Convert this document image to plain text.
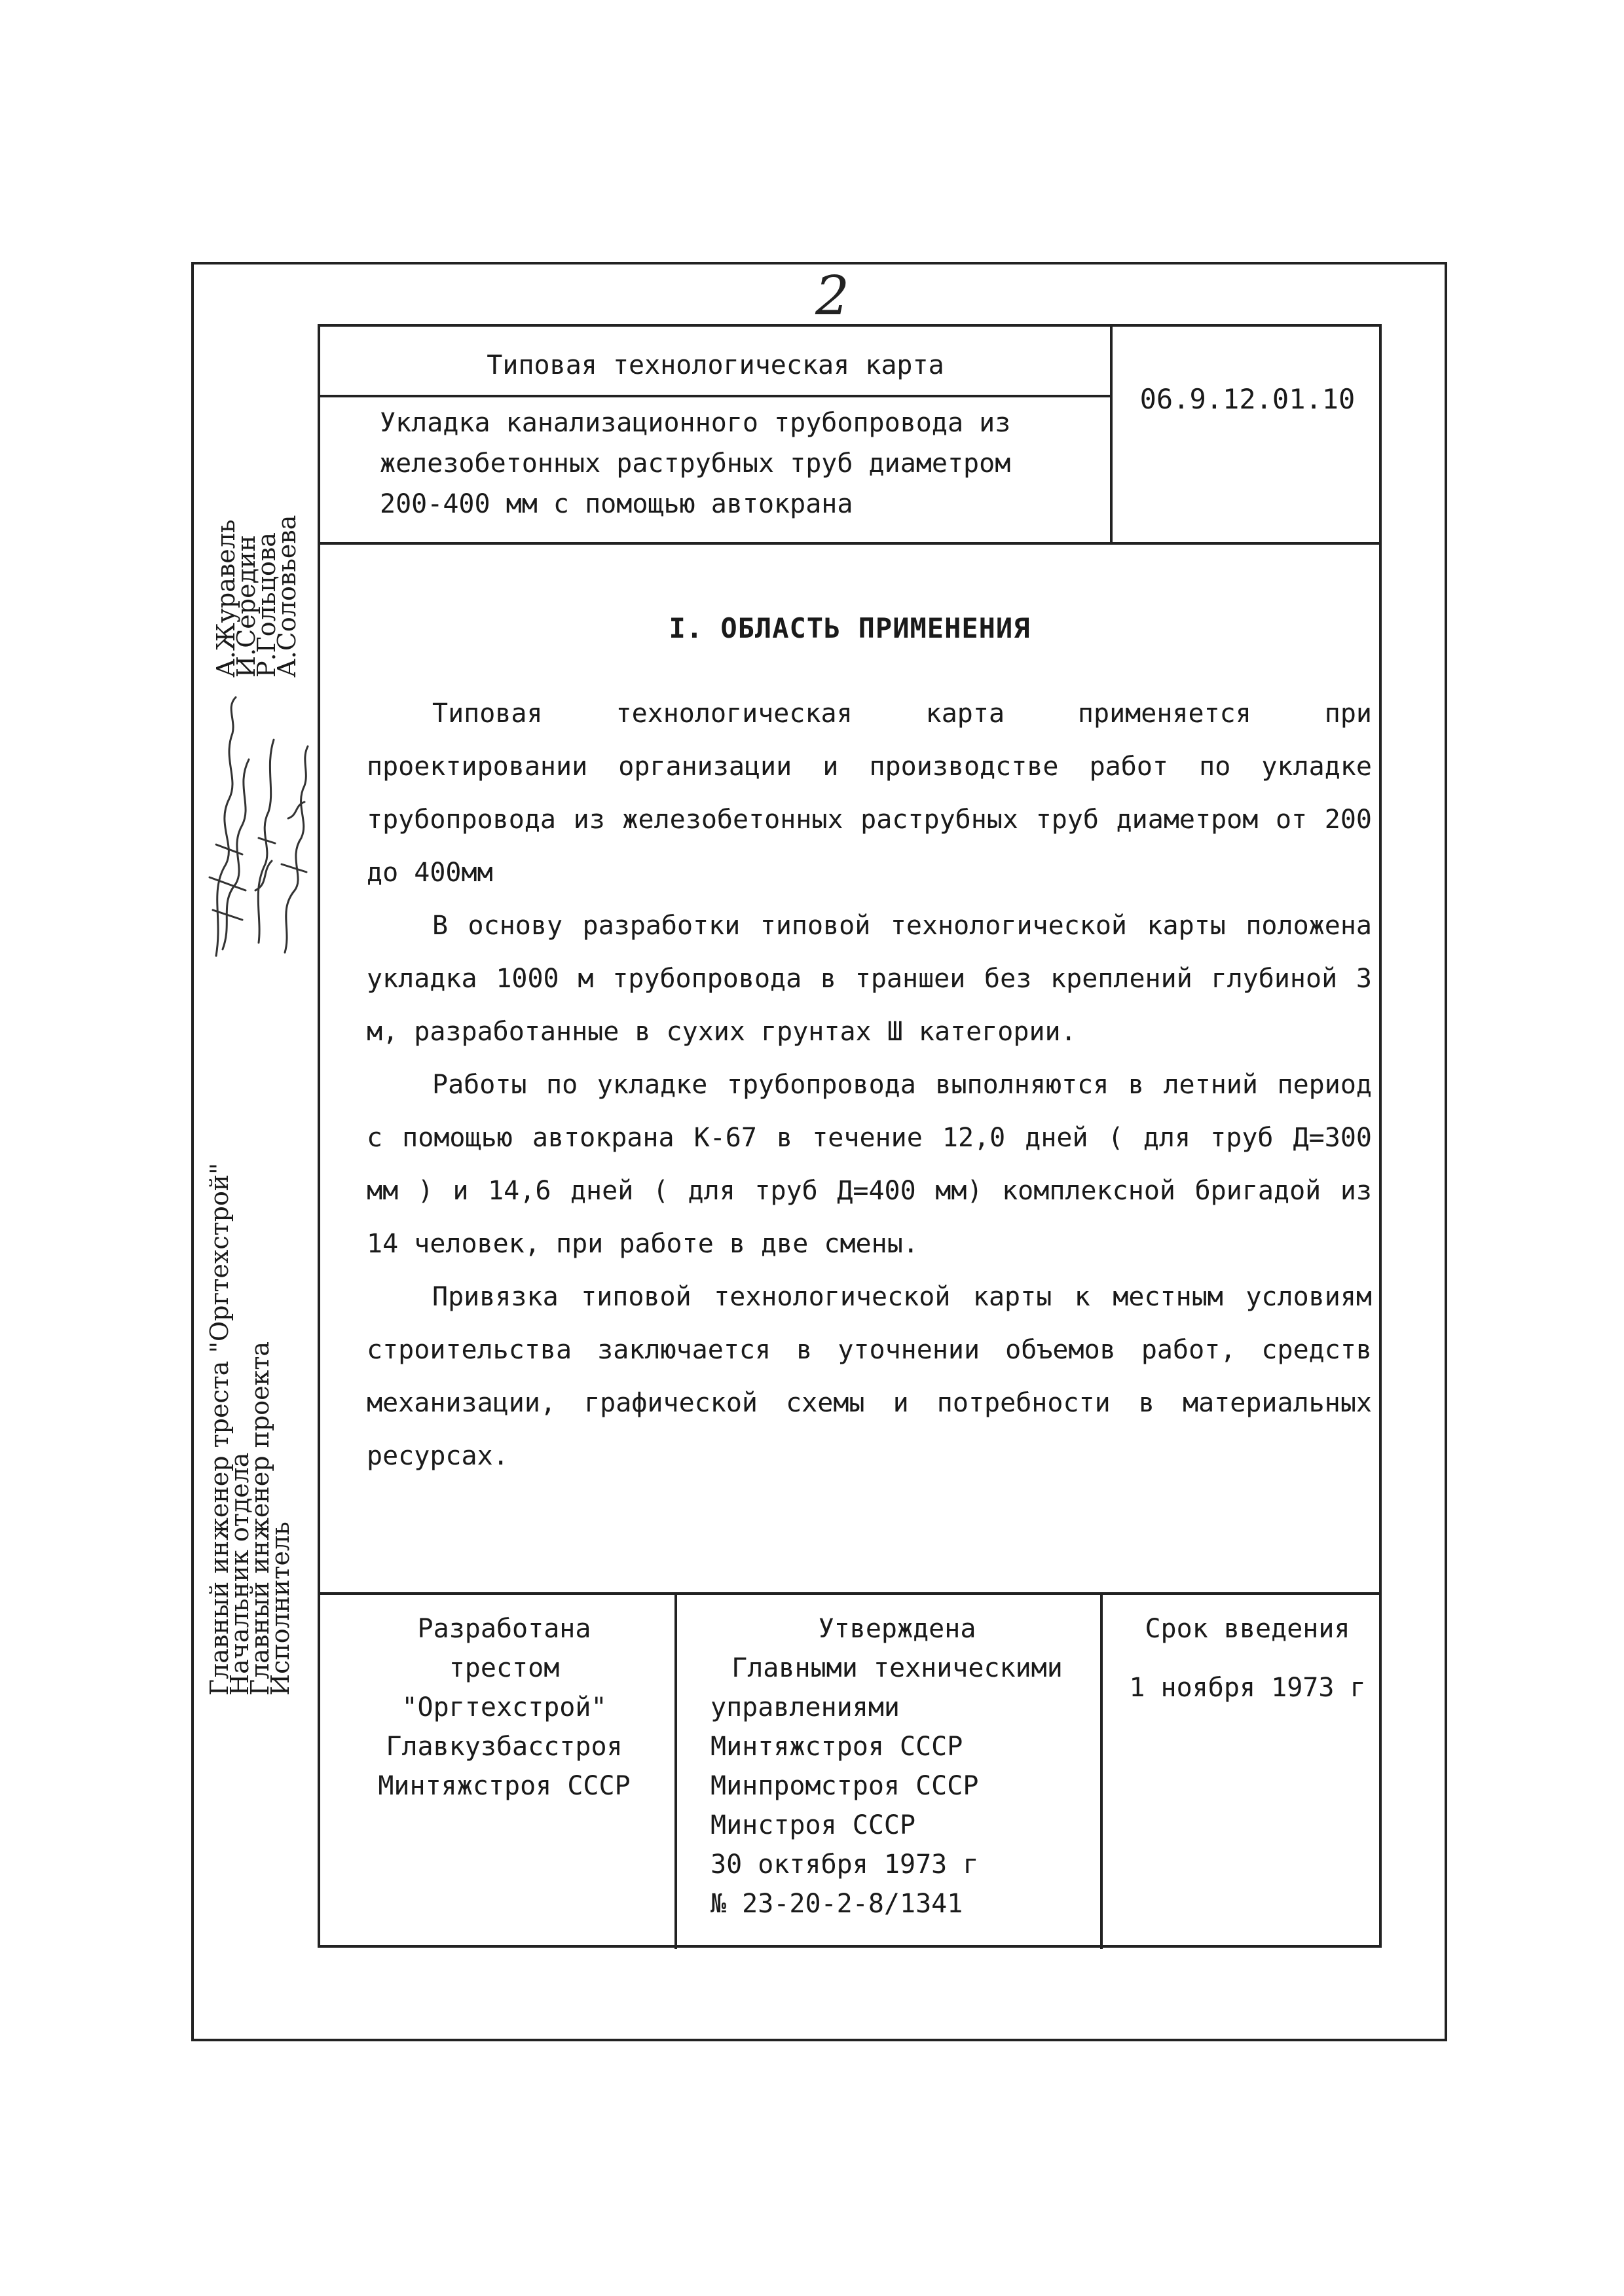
2
Типовая технологическая карта
Укладка канализационного трубопровода из
железобетонных раструбных труб диаметром
200-400 мм с помощью автокрана
06.9.12.01.10
I. ОБЛАСТЬ ПРИМЕНЕНИЯ

Типовая технологическая карта применяется при проектировании организации и производстве работ по укладке трубопровода из железобетонных раструбных труб диаметром от 200 до 400мм

В основу разработки типовой технологической карты положена укладка 1000 м трубопровода в траншеи без креплений глубиной 3 м, разработанные в сухих грунтах Ш категории.

Работы по укладке трубопровода выполняются в летний период с помощью автокрана К-67 в течение 12,0 дней ( для труб Д=300 мм ) и 14,6 дней ( для труб Д=400 мм) комплексной бригадой из 14 человек, при работе в две смены.

Привязка типовой технологической карты к местным условиям строительства заключается в уточнении объемов работ, средств механизации, графической схемы и потребности в материальных ресурсах.

Главный инженер треста "Оргтехстрой"
Начальник отдела
Главный инженер проекта
Исполнитель
А.Журавель
И.Середин
Р.Гольцова
А.Соловьева
Разработана
трестом
"Оргтехстрой"
Главкузбасстроя
Минтяжстроя СССР
Утверждена
Главными техническими
управлениями
Минтяжстроя СССР
Минпромстроя СССР
Минстроя СССР
30 октября 1973 г
№ 23-20-2-8/1341
Срок введения
1 ноября 1973 г
